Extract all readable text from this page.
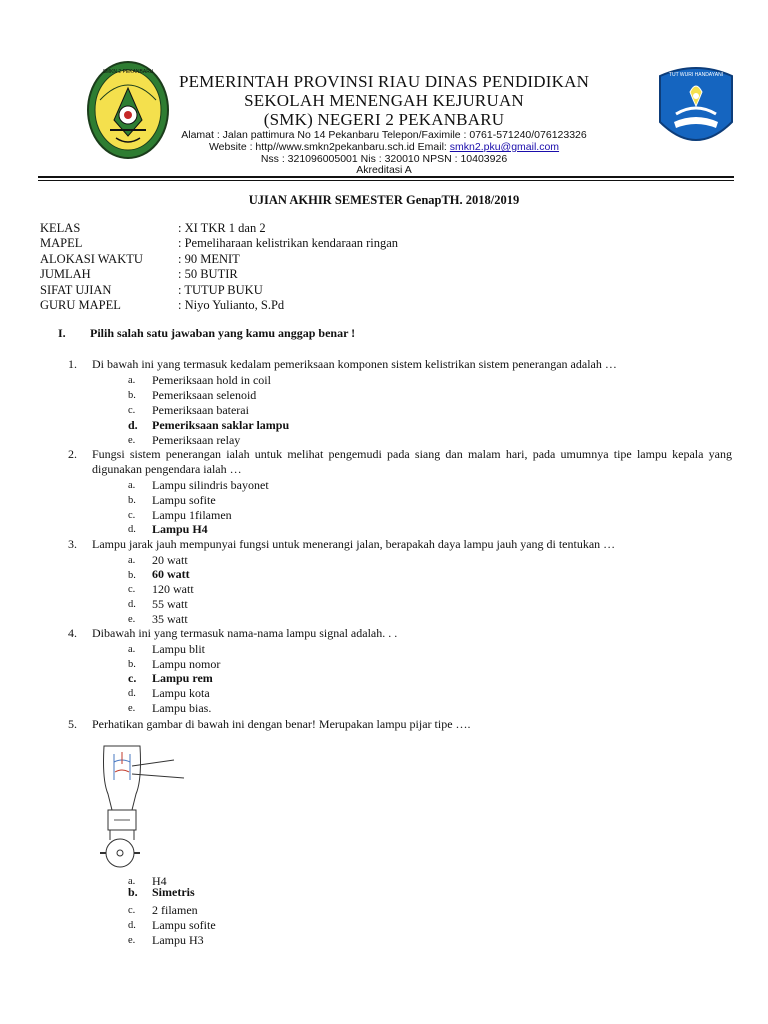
SMKN 2 PEKANBARU	TUT WURI HANDAYANI
PEMERINTAH PROVINSI RIAU DINAS PENDIDIKAN
SEKOLAH MENENGAH KEJURUAN
(SMK) NEGERI 2 PEKANBARU
Alamat : Jalan pattimura No 14 Pekanbaru Telepon/Faximile : 0761-571240/076123326
Website : http//www.smkn2pekanbaru.sch.id Email: smkn2.pku@gmail.com
Nss : 321096005001 Nis : 320010 NPSN : 10403926
Akreditasi A
UJIAN AKHIR SEMESTER GenapTH. 2018/2019
KELAS	: XI TKR 1 dan 2
MAPEL	: Pemeliharaan kelistrikan kendaraan ringan
ALOKASI WAKTU	: 90 MENIT
JUMLAH	: 50 BUTIR
SIFAT UJIAN	: TUTUP BUKU
GURU MAPEL	: Niyo Yulianto, S.Pd
I. Pilih salah satu jawaban yang kamu anggap benar !
1. Di bawah ini yang termasuk kedalam pemeriksaan komponen sistem kelistrikan sistem penerangan adalah …
a. Pemeriksaan hold in coil
b. Pemeriksaan selenoid
c. Pemeriksaan baterai
d. Pemeriksaan saklar lampu
e. Pemeriksaan relay
2. Fungsi sistem penerangan ialah untuk melihat pengemudi pada siang dan malam hari, pada umumnya tipe lampu kepala yang digunakan pengendara ialah …
a. Lampu silindris bayonet
b. Lampu sofite
c. Lampu 1filamen
d. Lampu H4
3. Lampu jarak jauh mempunyai fungsi untuk menerangi jalan, berapakah daya lampu jauh yang di tentukan …
a. 20 watt
b. 60 watt
c. 120 watt
d. 55 watt
e. 35 watt
4. Dibawah ini yang termasuk nama-nama lampu signal adalah. . .
a. Lampu blit
b. Lampu nomor
c. Lampu rem
d. Lampu kota
e. Lampu bias.
5. Perhatikan gambar di bawah ini dengan benar! Merupakan lampu pijar tipe ….
a. H4
b. Simetris
c. 2 filamen
d. Lampu sofite
e. Lampu H3
